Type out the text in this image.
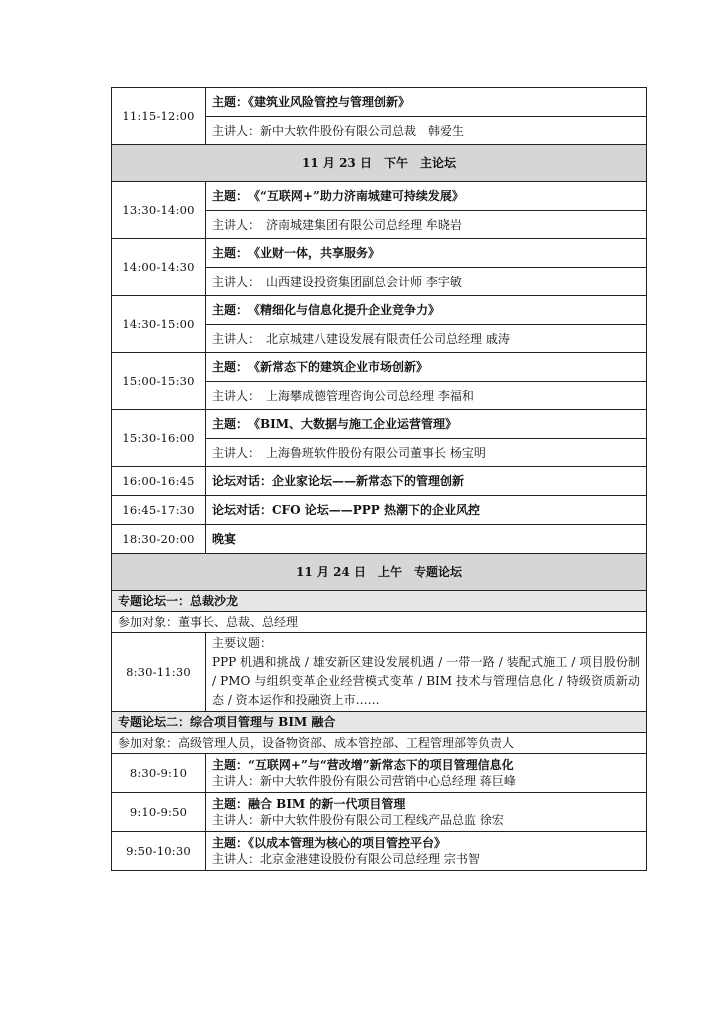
11:15-12:00	主题：《建筑业风险管控与管理创新》
	主讲人：新中大软件股份有限公司总裁　韩爱生
11 月 23 日　下午　主论坛	
13:30-14:00	主题：　《“互联网+”助力济南城建可持续发展》
	主讲人：　济南城建集团有限公司总经理 牟晓岩
14:00-14:30	主题：　《业财一体，共享服务》
	主讲人：　山西建设投资集团副总会计师 李宇敏
14:30-15:00	主题：　《精细化与信息化提升企业竞争力》
	主讲人：　北京城建八建设发展有限责任公司总经理 戚涛
15:00-15:30	主题：　《新常态下的建筑企业市场创新》
	主讲人：　上海攀成德管理咨询公司总经理 李福和
15:30-16:00	主题：　《BIM、大数据与施工企业运营管理》
	主讲人：　上海鲁班软件股份有限公司董事长 杨宝明
16:00-16:45	论坛对话：企业家论坛——新常态下的管理创新
16:45-17:30	论坛对话：CFO 论坛——PPP 热潮下的企业风控
18:30-20:00	晚宴
11 月 24 日　上午　专题论坛	
专题论坛一：总裁沙龙	
参加对象：董事长、总裁、总经理	
8:30-11:30	主要议题：
PPP 机遇和挑战 / 雄安新区建设发展机遇 / 一带一路 / 装配式施工 / 项目股份制 / PMO 与组织变革企业经营模式变革 / BIM 技术与管理信息化 / 特级资质新动态 / 资本运作和投融资上市……

专题论坛二：综合项目管理与 BIM 融合	
参加对象：高级管理人员，设备物资部、成本管控部、工程管理部等负责人	
8:30-9:10	主题：“互联网+”与“营改增”新常态下的项目管理信息化
主讲人：新中大软件股份有限公司营销中心总经理 蒋巨峰

9:10-9:50	主题：融合 BIM 的新一代项目管理
主讲人：新中大软件股份有限公司工程线产品总监 徐宏

9:50-10:30	主题：《以成本管理为核心的项目管控平台》
主讲人：北京金港建设股份有限公司总经理 宗书智
